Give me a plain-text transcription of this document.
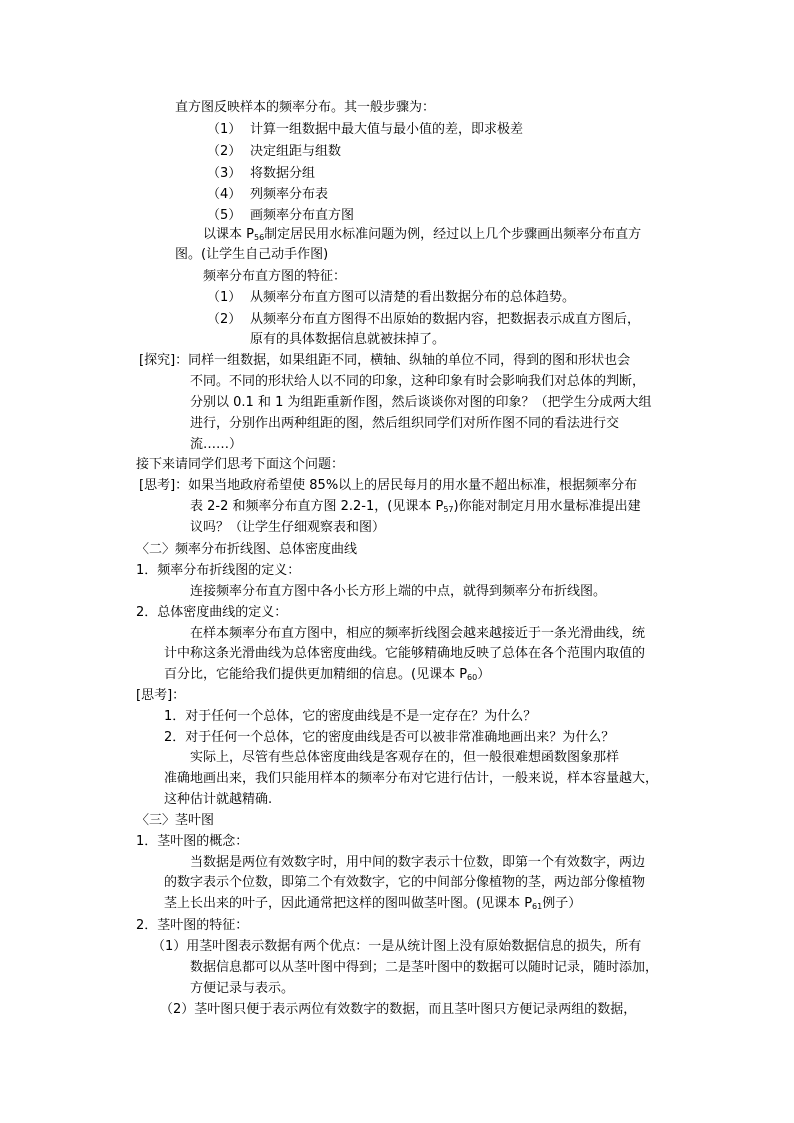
直方图反映样本的频率分布。其一般步骤为：
（1） 计算一组数据中最大值与最小值的差，即求极差
（2） 决定组距与组数
（3） 将数据分组
（4） 列频率分布表
（5） 画频率分布直方图
以课本 $P_{56}$制定居民用水标准问题为例，经过以上几个步骤画出频率分布直方
图。(让学生自己动手作图)
频率分布直方图的特征：
（1） 从频率分布直方图可以清楚的看出数据分布的总体趋势。
（2） 从频率分布直方图得不出原始的数据内容，把数据表示成直方图后，
原有的具体数据信息就被抹掉了。
[探究]：同样一组数据，如果组距不同，横轴、纵轴的单位不同，得到的图和形状也会
不同。不同的形状给人以不同的印象，这种印象有时会影响我们对总体的判断，
分别以 0.1 和 1 为组距重新作图，然后谈谈你对图的印象？（把学生分成两大组
进行，分别作出两种组距的图，然后组织同学们对所作图不同的看法进行交
流……）
接下来请同学们思考下面这个问题：
[思考]：如果当地政府希望使 85%以上的居民每月的用水量不超出标准，根据频率分布
表 2-2 和频率分布直方图 2.2-1，(见课本 $P_{57}$)你能对制定月用水量标准提出建
议吗？（让学生仔细观察表和图）
〈二〉频率分布折线图、总体密度曲线
1．频率分布折线图的定义：
连接频率分布直方图中各小长方形上端的中点，就得到频率分布折线图。
2．总体密度曲线的定义：
在样本频率分布直方图中，相应的频率折线图会越来越接近于一条光滑曲线，统
计中称这条光滑曲线为总体密度曲线。它能够精确地反映了总体在各个范围内取值的
百分比，它能给我们提供更加精细的信息。(见课本 $P_{60}$）
[思考]：
1．对于任何一个总体，它的密度曲线是不是一定存在？为什么？
2．对于任何一个总体，它的密度曲线是否可以被非常准确地画出来？为什么？
实际上，尽管有些总体密度曲线是客观存在的，但一般很难想函数图象那样
准确地画出来，我们只能用样本的频率分布对它进行估计，一般来说，样本容量越大，
这种估计就越精确.
〈三〉茎叶图
1．茎叶图的概念：
当数据是两位有效数字时，用中间的数字表示十位数，即第一个有效数字，两边
的数字表示个位数，即第二个有效数字，它的中间部分像植物的茎，两边部分像植物
茎上长出来的叶子，因此通常把这样的图叫做茎叶图。(见课本 $P_{61}$例子）
2．茎叶图的特征：
（1）用茎叶图表示数据有两个优点：一是从统计图上没有原始数据信息的损失，所有
数据信息都可以从茎叶图中得到；二是茎叶图中的数据可以随时记录，随时添加，
方便记录与表示。
（2）茎叶图只便于表示两位有效数字的数据，而且茎叶图只方便记录两组的数据，
